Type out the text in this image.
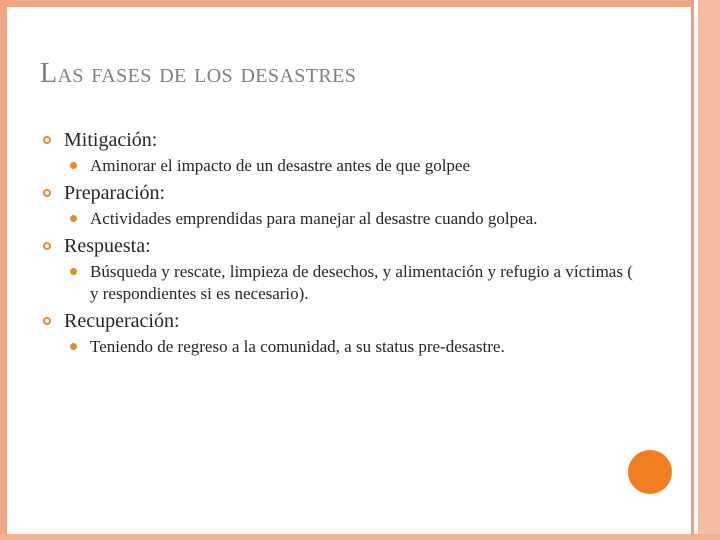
Las fases de los desastres
Mitigación:
Aminorar el impacto de un desastre antes de que golpee
Preparación:
Actividades emprendidas para manejar al desastre cuando golpea.
Respuesta:
Búsqueda y rescate, limpieza de desechos, y alimentación y refugio a víctimas ( y respondientes si es necesario).
Recuperación:
Teniendo de regreso a la comunidad, a su status pre-desastre.
